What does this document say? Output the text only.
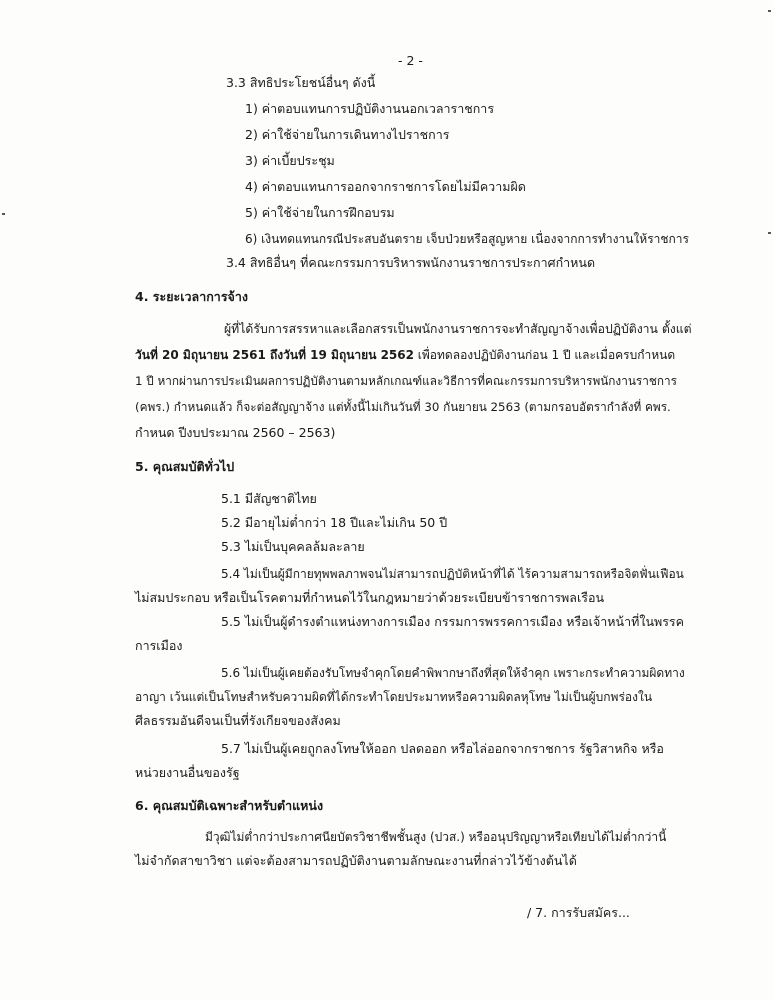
- 2 -
3.3 สิทธิประโยชน์อื่นๆ ดังนี้
1) ค่าตอบแทนการปฏิบัติงานนอกเวลาราชการ
2) ค่าใช้จ่ายในการเดินทางไปราชการ
3) ค่าเบี้ยประชุม
4) ค่าตอบแทนการออกจากราชการโดยไม่มีความผิด
5) ค่าใช้จ่ายในการฝึกอบรม
6) เงินทดแทนกรณีประสบอันตราย เจ็บป่วยหรือสูญหาย เนื่องจากการทำงานให้ราชการ
3.4 สิทธิอื่นๆ ที่คณะกรรมการบริหารพนักงานราชการประกาศกำหนด
4. ระยะเวลาการจ้าง
ผู้ที่ได้รับการสรรหาและเลือกสรรเป็นพนักงานราชการจะทำสัญญาจ้างเพื่อปฏิบัติงาน ตั้งแต่
วันที่ 20 มิถุนายน 2561 ถึงวันที่ 19 มิถุนายน 2562 เพื่อทดลองปฏิบัติงานก่อน 1 ปี และเมื่อครบกำหนด
1 ปี หากผ่านการประเมินผลการปฏิบัติงานตามหลักเกณฑ์และวิธีการที่คณะกรรมการบริหารพนักงานราชการ
(คพร.) กำหนดแล้ว ก็จะต่อสัญญาจ้าง แต่ทั้งนี้ไม่เกินวันที่ 30 กันยายน 2563 (ตามกรอบอัตรากำลังที่ คพร.
กำหนด ปีงบประมาณ 2560 – 2563)
5. คุณสมบัติทั่วไป
5.1 มีสัญชาติไทย
5.2 มีอายุไม่ต่ำกว่า 18 ปีและไม่เกิน 50 ปี
5.3 ไม่เป็นบุคคลล้มละลาย
5.4 ไม่เป็นผู้มีกายทุพพลภาพจนไม่สามารถปฏิบัติหน้าที่ได้ ไร้ความสามารถหรือจิตฟั่นเฟือน
ไม่สมประกอบ หรือเป็นโรคตามที่กำหนดไว้ในกฎหมายว่าด้วยระเบียบข้าราชการพลเรือน
5.5 ไม่เป็นผู้ดำรงตำแหน่งทางการเมือง กรรมการพรรคการเมือง หรือเจ้าหน้าที่ในพรรค
การเมือง
5.6 ไม่เป็นผู้เคยต้องรับโทษจำคุกโดยคำพิพากษาถึงที่สุดให้จำคุก เพราะกระทำความผิดทาง
อาญา เว้นแต่เป็นโทษสำหรับความผิดที่ได้กระทำโดยประมาทหรือความผิดลหุโทษ ไม่เป็นผู้บกพร่องใน
ศีลธรรมอันดีจนเป็นที่รังเกียจของสังคม
5.7 ไม่เป็นผู้เคยถูกลงโทษให้ออก ปลดออก หรือไล่ออกจากราชการ รัฐวิสาหกิจ หรือ
หน่วยงานอื่นของรัฐ
6. คุณสมบัติเฉพาะสำหรับตำแหน่ง
มีวุฒิไม่ต่ำกว่าประกาศนียบัตรวิชาชีพชั้นสูง (ปวส.) หรืออนุปริญญาหรือเทียบได้ไม่ต่ำกว่านี้
ไม่จำกัดสาขาวิชา แต่จะต้องสามารถปฏิบัติงานตามลักษณะงานที่กล่าวไว้ข้างต้นได้
/ 7. การรับสมัคร...
